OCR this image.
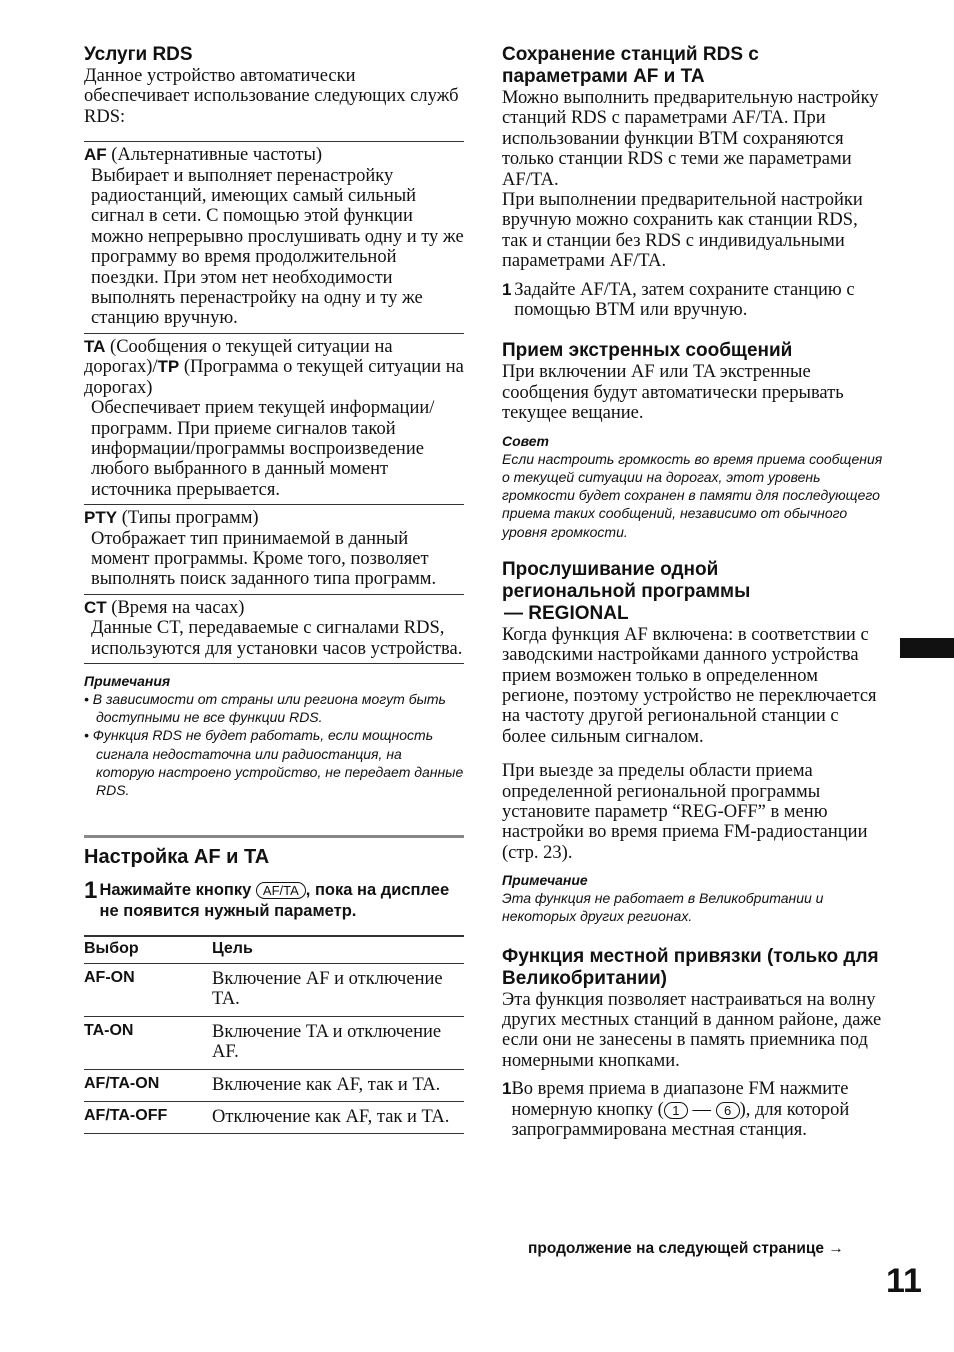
Услуги RDS

Данное устройство автоматически обеспечивает использование следующих служб RDS:

AF (Альтернативные частоты)
Выбирает и выполняет перенастройку радиостанций, имеющих самый сильный сигнал в сети. С помощью этой функции можно непрерывно прослушивать одну и ту же программу во время продолжительной поездки. При этом нет необходимости выполнять перенастройку на одну и ту же станцию вручную.
TA (Сообщения о текущей ситуации на дорогах)/TP (Программа о текущей ситуации на дорогах)
Обеспечивает прием текущей информации/программ. При приеме сигналов такой информации/программы воспроизведение любого выбранного в данный момент источника прерывается.
PTY (Типы программ)
Отображает тип принимаемой в данный момент программы. Кроме того, позволяет выполнять поиск заданного типа программ.
CT (Время на часах)
Данные CT, передаваемые с сигналами RDS, используются для установки часов устройства.

Примечания

• В зависимости от страны или региона могут быть доступными не все функции RDS.

• Функция RDS не будет работать, если мощность сигнала недостаточна или радиостанция, на которую настроено устройство, не передает данные RDS.

Настройка AF и TA
1 Нажимайте кнопку AF/TA , пока на дисплее не появится нужный параметр.
Выбор	Цель
AF-ON	Включение AF и отключение TA.
TA-ON	Включение TA и отключение AF.
AF/TA-ON	Включение как AF, так и TA.
AF/TA-OFF	Отключение как AF, так и TA.
Сохранение станций RDS с параметрами AF и TA

Можно выполнить предварительную настройку станций RDS с параметрами AF/TA. При использовании функции BTM сохраняются только станции RDS с теми же параметрами AF/TA.

При выполнении предварительной настройки вручную можно сохранить как станции RDS, так и станции без RDS с индивидуальными параметрами AF/TA.

1 Задайте AF/TA, затем сохраните станцию с помощью BTM или вручную.
Прием экстренных сообщений

При включении AF или TA экстренные сообщения будут автоматически прерывать текущее вещание.

Совет

Если настроить громкость во время приема сообщения о текущей ситуации на дорогах, этот уровень громкости будет сохранен в памяти для последующего приема таких сообщений, независимо от обычного уровня громкости.

Прослушивание одной
региональной программы
— REGIONAL

Когда функция AF включена: в соответствии с заводскими настройками данного устройства прием возможен только в определенном регионе, поэтому устройство не переключается на частоту другой региональной станции с более сильным сигналом.

При выезде за пределы области приема определенной региональной программы установите параметр “REG-OFF” в меню настройки во время приема FM-радиостанции (стр. 23).

Примечание

Эта функция не работает в Великобритании и некоторых других регионах.

Функция местной привязки (только для Великобритании)

Эта функция позволяет настраиваться на волну других местных станций в данном районе, даже если они не занесены в память приемника под номерными кнопками.

1 Во время приема в диапазоне FM нажмите номерную кнопку ( 1 — 6 ), для которой запрограммирована местная станция.
продолжение на следующей странице →
11
